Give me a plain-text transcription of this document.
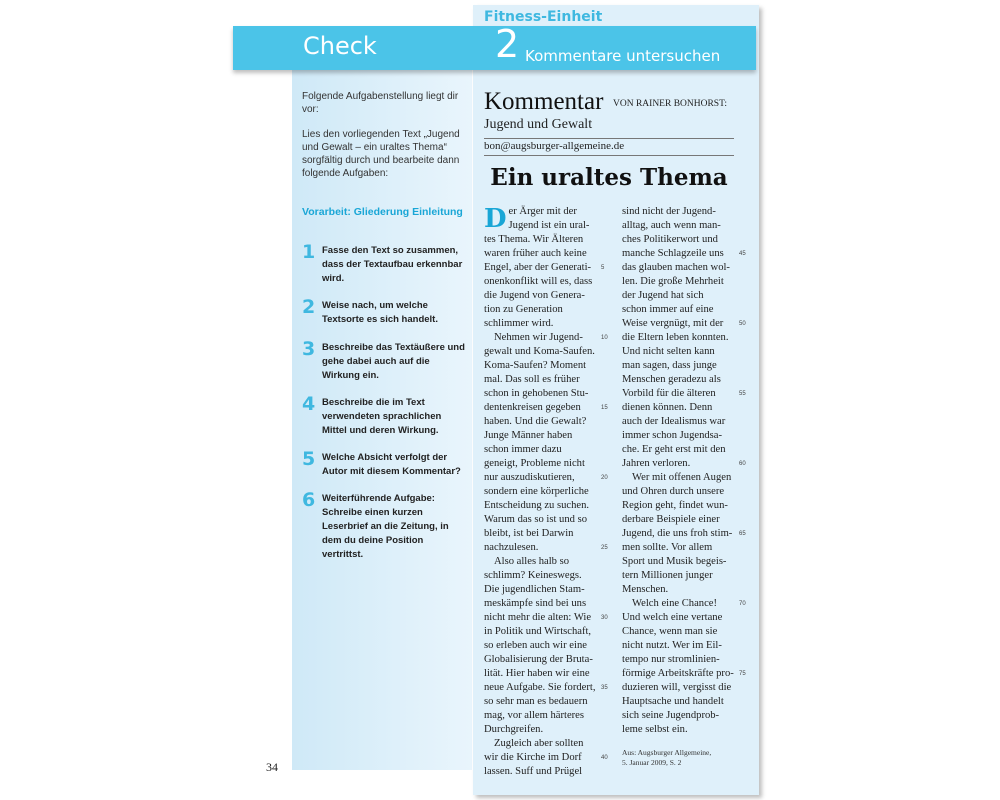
Fitness-Einheit
Check	2 Kommentare untersuchen

Folgende Aufgabenstellung liegt dir vor:

Lies den vorliegenden Text „Jugend und Gewalt – ein uraltes Thema“ sorgfältig durch und bearbeite dann folgende Aufgaben:

Vorarbeit: Gliederung Einleitung
1 Fasse den Text so zusammen, dass der Textaufbau erkennbar wird.
2 Weise nach, um welche Textsorte es sich handelt.
3 Beschreibe das Textäußere und gehe dabei auch auf die Wirkung ein.
4 Beschreibe die im Text verwendeten sprachlichen Mittel und deren Wirkung.
5 Welche Absicht verfolgt der Autor mit diesem Kommentar?
6 Weiterführende Aufgabe: Schreibe einen kurzen Leserbrief an die Zeitung, in dem du deine Position vertrittst.
Kommentar VON RAINER BONHORST:
Jugend und Gewalt
bon@augsburger-allgemeine.de
Ein uraltes Thema
D er Ärger mit der
Jugend ist ein ural-
tes Thema. Wir Älteren
waren früher auch keine
Engel, aber der Generati-
onenkonflikt will es, dass
die Jugend von Genera-
tion zu Generation
schlimmer wird.
Nehmen wir Jugend-
gewalt und Koma-Saufen.
Koma-Saufen? Moment
mal. Das soll es früher
schon in gehobenen Stu-
dentenkreisen gegeben
haben. Und die Gewalt?
Junge Männer haben
schon immer dazu
geneigt, Probleme nicht
nur auszudiskutieren,
sondern eine körperliche
Entscheidung zu suchen.
Warum das so ist und so
bleibt, ist bei Darwin
nachzulesen.
Also alles halb so
schlimm? Keineswegs.
Die jugendlichen Stam-
meskämpfe sind bei uns
nicht mehr die alten: Wie
in Politik und Wirtschaft,
so erleben auch wir eine
Globalisierung der Bruta-
lität. Hier haben wir eine
neue Aufgabe. Sie fordert,
so sehr man es bedauern
mag, vor allem härteres
Durchgreifen.
Zugleich aber sollten
wir die Kirche im Dorf
lassen. Suff und Prügel
sind nicht der Jugend-
alltag, auch wenn man-
ches Politikerwort und
manche Schlagzeile uns
das glauben machen wol-
len. Die große Mehrheit
der Jugend hat sich
schon immer auf eine
Weise vergnügt, mit der
die Eltern leben konnten.
Und nicht selten kann
man sagen, dass junge
Menschen geradezu als
Vorbild für die älteren
dienen können. Denn
auch der Idealismus war
immer schon Jugendsa-
che. Er geht erst mit den
Jahren verloren.
Wer mit offenen Augen
und Ohren durch unsere
Region geht, findet wun-
derbare Beispiele einer
Jugend, die uns froh stim-
men sollte. Vor allem
Sport und Musik begeis-
tern Millionen junger
Menschen.
Welch eine Chance!
Und welch eine vertane
Chance, wenn man sie
nicht nutzt. Wer im Eil-
tempo nur stromlinien-
förmige Arbeitskräfte pro-
duzieren will, vergisst die
Hauptsache und handelt
sich seine Jugendprob-
leme selbst ein.
5
10
15
20
25
30
35
40
45
50
55
60
65
70
75
Aus: Augsburger Allgemeine,
5. Januar 2009, S. 2
34
